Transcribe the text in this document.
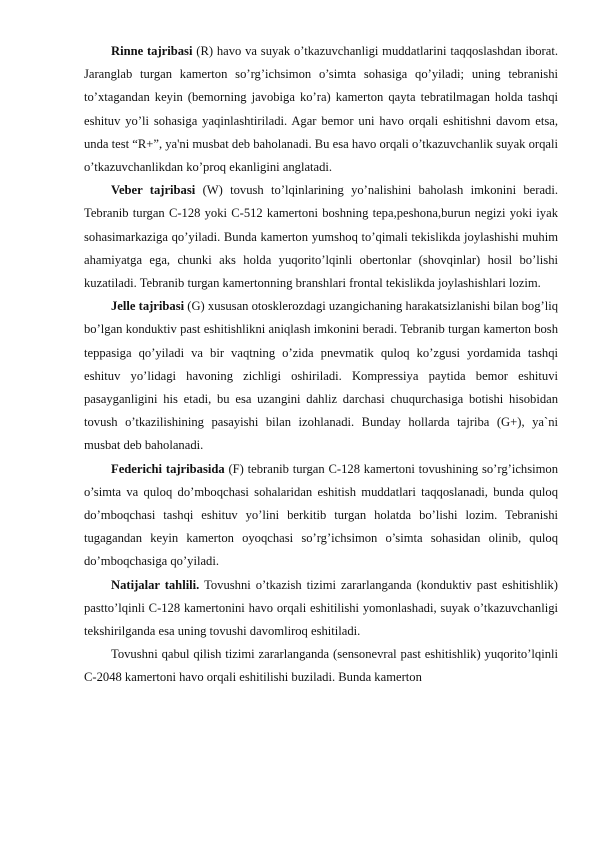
Rinne tajribasi (R) havo va suyak o’tkazuvchanligi muddatlarini taqqoslashdan iborat. Jaranglab turgan kamerton so’rg’ichsimon o’simta sohasiga qo’yiladi; uning tebranishi to’xtagandan keyin (bemorning javobiga ko’ra) kamerton qayta tebratilmagan holda tashqi eshituv yo’li sohasiga yaqinlashtiriladi. Agar bemor uni havo orqali eshitishni davom etsa, unda test “R+”, ya'ni musbat deb baholanadi. Bu esa havo orqali o’tkazuvchanlik suyak orqali o’tkazuvchanlikdan ko’proq ekanligini anglatadi.

Veber tajribasi (W) tovush to’lqinlarining yo’nalishini baholash imkonini beradi. Tebranib turgan C-128 yoki C-512 kamertoni boshning tepa,peshona,burun negizi yoki iyak sohasimarkaziga qo’yiladi. Bunda kamerton yumshoq to’qimali tekislikda joylashishi muhim ahamiyatga ega, chunki aks holda yuqorito’lqinli obertonlar (shovqinlar) hosil bo’lishi kuzatiladi. Tebranib turgan kamertonning branshlari frontal tekislikda joylashishlari lozim.

Jelle tajribasi (G) xususan otosklerozdagi uzangichaning harakatsizlanishi bilan bog’liq bo’lgan konduktiv past eshitishlikni aniqlash imkonini beradi. Tebranib turgan kamerton bosh teppasiga qo’yiladi va bir vaqtning o’zida pnevmatik quloq ko’zgusi yordamida tashqi eshituv yo’lidagi havoning zichligi oshiriladi. Kompressiya paytida bemor eshituvi pasayganligini his etadi, bu esa uzangini dahliz darchasi chuqurchasiga botishi hisobidan tovush o’tkazilishining pasayishi bilan izohlanadi. Bunday hollarda tajriba (G+), ya`ni musbat deb baholanadi.

Federichi tajribasida (F) tebranib turgan C-128 kamertoni tovushining so’rg’ichsimon o’simta va quloq do’mboqchasi sohalaridan eshitish muddatlari taqqoslanadi, bunda quloq do’mboqchasi tashqi eshituv yo’lini berkitib turgan holatda bo’lishi lozim. Tebranishi tugagandan keyin kamerton oyoqchasi so’rg’ichsimon o’simta sohasidan olinib, quloq do’mboqchasiga qo’yiladi.

Natijalar tahlili. Tovushni o’tkazish tizimi zararlanganda (konduktiv past eshitishlik) pastto’lqinli C-128 kamertonini havo orqali eshitilishi yomonlashadi, suyak o’tkazuvchanligi tekshirilganda esa uning tovushi davomliroq eshitiladi.

Tovushni qabul qilish tizimi zararlanganda (sensonevral past eshitishlik) yuqorito’lqinli C-2048 kamertoni havo orqali eshitilishi buziladi. Bunda kamerton
